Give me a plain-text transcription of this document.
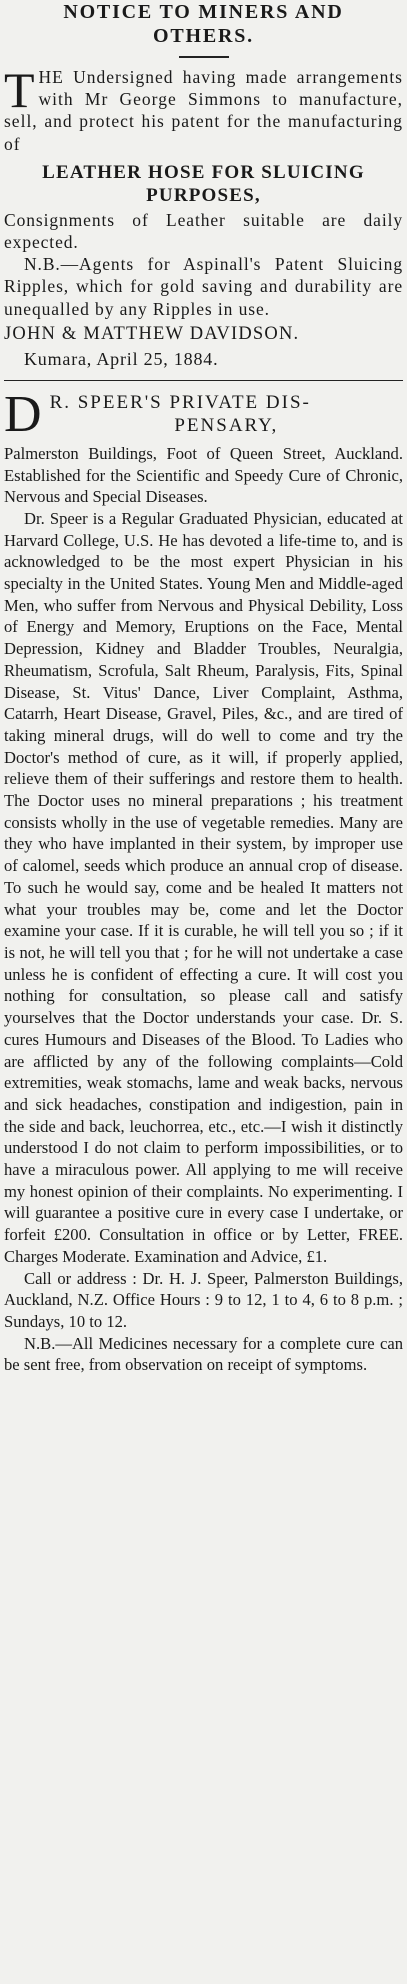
NOTICE TO MINERS AND
OTHERS.

THE Undersigned having made arrangements with Mr George Simmons to manufacture, sell, and protect his patent for the manufacturing of

LEATHER HOSE FOR SLUICING PURPOSES,

Consignments of Leather suitable are daily expected.

N.B.—Agents for Aspinall's Patent Sluicing Ripples, which for gold saving and durability are unequalled by any Ripples in use.

JOHN & MATTHEW DAVIDSON.

Kumara, April 25, 1884.

D R. SPEER'S PRIVATE DIS-
PENSARY,

Palmerston Buildings, Foot of Queen Street, Auckland. Established for the Scientific and Speedy Cure of Chronic, Nervous and Special Diseases.

Dr. Speer is a Regular Graduated Physician, educated at Harvard College, U.S. He has devoted a life-time to, and is acknowledged to be the most expert Physician in his specialty in the United States. Young Men and Middle-aged Men, who suffer from Nervous and Physical Debility, Loss of Energy and Memory, Eruptions on the Face, Mental Depression, Kidney and Bladder Troubles, Neuralgia, Rheumatism, Scrofula, Salt Rheum, Paralysis, Fits, Spinal Disease, St. Vitus' Dance, Liver Complaint, Asthma, Catarrh, Heart Disease, Gravel, Piles, &c., and are tired of taking mineral drugs, will do well to come and try the Doctor's method of cure, as it will, if properly applied, relieve them of their sufferings and restore them to health. The Doctor uses no mineral preparations ; his treatment consists wholly in the use of vegetable remedies. Many are they who have implanted in their system, by improper use of calomel, seeds which produce an annual crop of disease. To such he would say, come and be healed It matters not what your troubles may be, come and let the Doctor examine your case. If it is curable, he will tell you so ; if it is not, he will tell you that ; for he will not undertake a case unless he is confident of effecting a cure. It will cost you nothing for consultation, so please call and satisfy yourselves that the Doctor understands your case. Dr. S. cures Humours and Diseases of the Blood. To Ladies who are afflicted by any of the following complaints—Cold extremities, weak stomachs, lame and weak backs, nervous and sick headaches, constipation and indigestion, pain in the side and back, leuchorrea, etc., etc.—I wish it distinctly understood I do not claim to perform impossibilities, or to have a miraculous power. All applying to me will receive my honest opinion of their complaints. No experimenting. I will guarantee a positive cure in every case I undertake, or forfeit £200. Consultation in office or by Letter, FREE. Charges Moderate. Examination and Advice, £1.

Call or address : Dr. H. J. Speer, Palmerston Buildings, Auckland, N.Z. Office Hours : 9 to 12, 1 to 4, 6 to 8 p.m. ; Sundays, 10 to 12.

N.B.—All Medicines necessary for a complete cure can be sent free, from observation on receipt of symptoms.
